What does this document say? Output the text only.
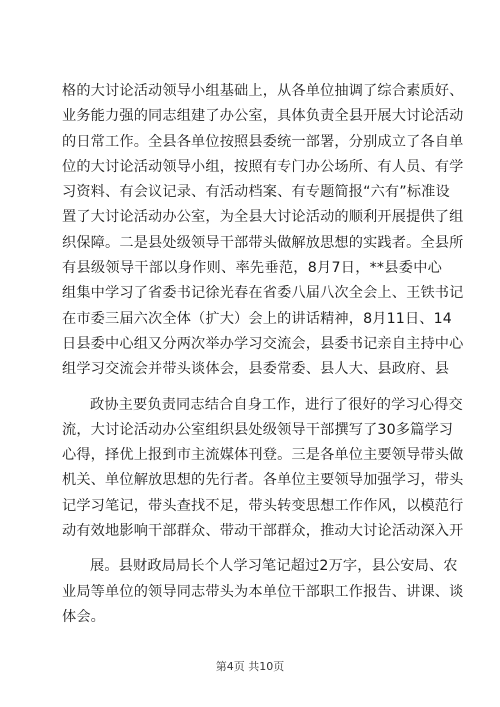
格的大讨论活动领导小组基础上，从各单位抽调了综合素质好、
业务能力强的同志组建了办公室，具体负责全县开展大讨论活动
的日常工作。全县各单位按照县委统一部署，分别成立了各自单
位的大讨论活动领导小组，按照有专门办公场所、有人员、有学
习资料、有会议记录、有活动档案、有专题简报“六有”标准设
置了大讨论活动办公室，为全县大讨论活动的顺利开展提供了组
织保障。二是县处级领导干部带头做解放思想的实践者。全县所
有县级领导干部以身作则、率先垂范，8月7日，**县委中心
组集中学习了省委书记徐光春在省委八届八次全会上、王铁书记
在市委三届六次全体（扩大）会上的讲话精神，8月11日、14
日县委中心组又分两次举办学习交流会，县委书记亲自主持中心
组学习交流会并带头谈体会，县委常委、县人大、县政府、县

政协主要负责同志结合自身工作，进行了很好的学习心得交
流，大讨论活动办公室组织县处级领导干部撰写了30多篇学习
心得，择优上报到市主流媒体刊登。三是各单位主要领导带头做
机关、单位解放思想的先行者。各单位主要领导加强学习，带头
记学习笔记，带头查找不足，带头转变思想工作作风，以模范行
动有效地影响干部群众、带动干部群众，推动大讨论活动深入开

展。县财政局局长个人学习笔记超过2万字，县公安局、农
业局等单位的领导同志带头为本单位干部职工作报告、讲课、谈
体会。

第4页 共10页
